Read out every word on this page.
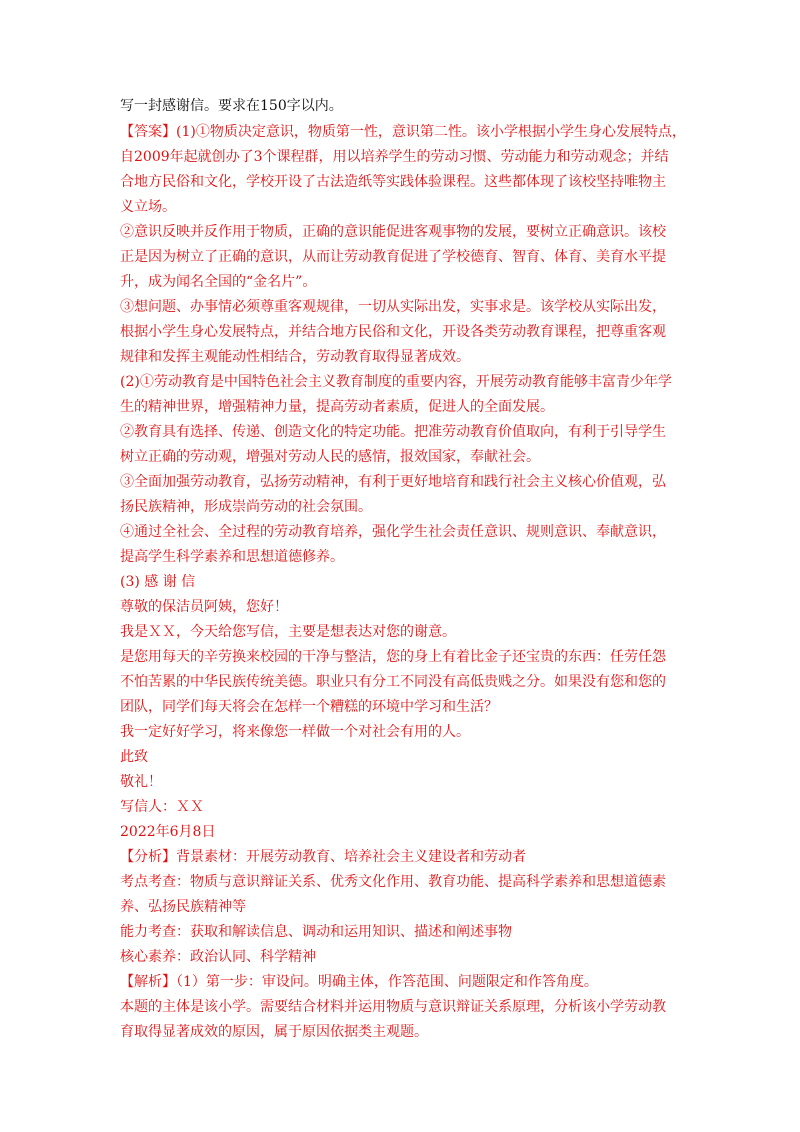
写一封感谢信。要求在150字以内。

【答案】(1)①物质决定意识，物质第一性，意识第二性。该小学根据小学生身心发展特点，

自2009年起就创办了3个课程群，用以培养学生的劳动习惯、劳动能力和劳动观念；并结

合地方民俗和文化，学校开设了古法造纸等实践体验课程。这些都体现了该校坚持唯物主

义立场。

②意识反映并反作用于物质，正确的意识能促进客观事物的发展，要树立正确意识。该校

正是因为树立了正确的意识，从而让劳动教育促进了学校德育、智育、体育、美育水平提

升，成为闻名全国的“金名片”。

③想问题、办事情必须尊重客观规律，一切从实际出发，实事求是。该学校从实际出发，

根据小学生身心发展特点，并结合地方民俗和文化，开设各类劳动教育课程，把尊重客观

规律和发挥主观能动性相结合，劳动教育取得显著成效。

(2)①劳动教育是中国特色社会主义教育制度的重要内容，开展劳动教育能够丰富青少年学

生的精神世界，增强精神力量，提高劳动者素质，促进人的全面发展。

②教育具有选择、传递、创造文化的特定功能。把准劳动教育价值取向，有利于引导学生

树立正确的劳动观，增强对劳动人民的感情，报效国家，奉献社会。

③全面加强劳动教育，弘扬劳动精神，有利于更好地培育和践行社会主义核心价值观，弘

扬民族精神，形成崇尚劳动的社会氛围。

④通过全社会、全过程的劳动教育培养，强化学生社会责任意识、规则意识、奉献意识，

提高学生科学素养和思想道德修养。

(3) 感 谢 信

尊敬的保洁员阿姨，您好！

我是ＸＸ，今天给您写信，主要是想表达对您的谢意。

是您用每天的辛劳换来校园的干净与整洁，您的身上有着比金子还宝贵的东西：任劳任怨

不怕苦累的中华民族传统美德。职业只有分工不同没有高低贵贱之分。如果没有您和您的

团队，同学们每天将会在怎样一个糟糕的环境中学习和生活？

我一定好好学习，将来像您一样做一个对社会有用的人。

此致

敬礼！

写信人：ＸＸ

2022年6月8日

【分析】背景素材：开展劳动教育、培养社会主义建设者和劳动者

考点考查：物质与意识辩证关系、优秀文化作用、教育功能、提高科学素养和思想道德素

养、弘扬民族精神等

能力考查：获取和解读信息、调动和运用知识、描述和阐述事物

核心素养：政治认同、科学精神

【解析】（1）第一步：审设问。明确主体，作答范围、问题限定和作答角度。

本题的主体是该小学。需要结合材料并运用物质与意识辩证关系原理，分析该小学劳动教

育取得显著成效的原因，属于原因依据类主观题。
